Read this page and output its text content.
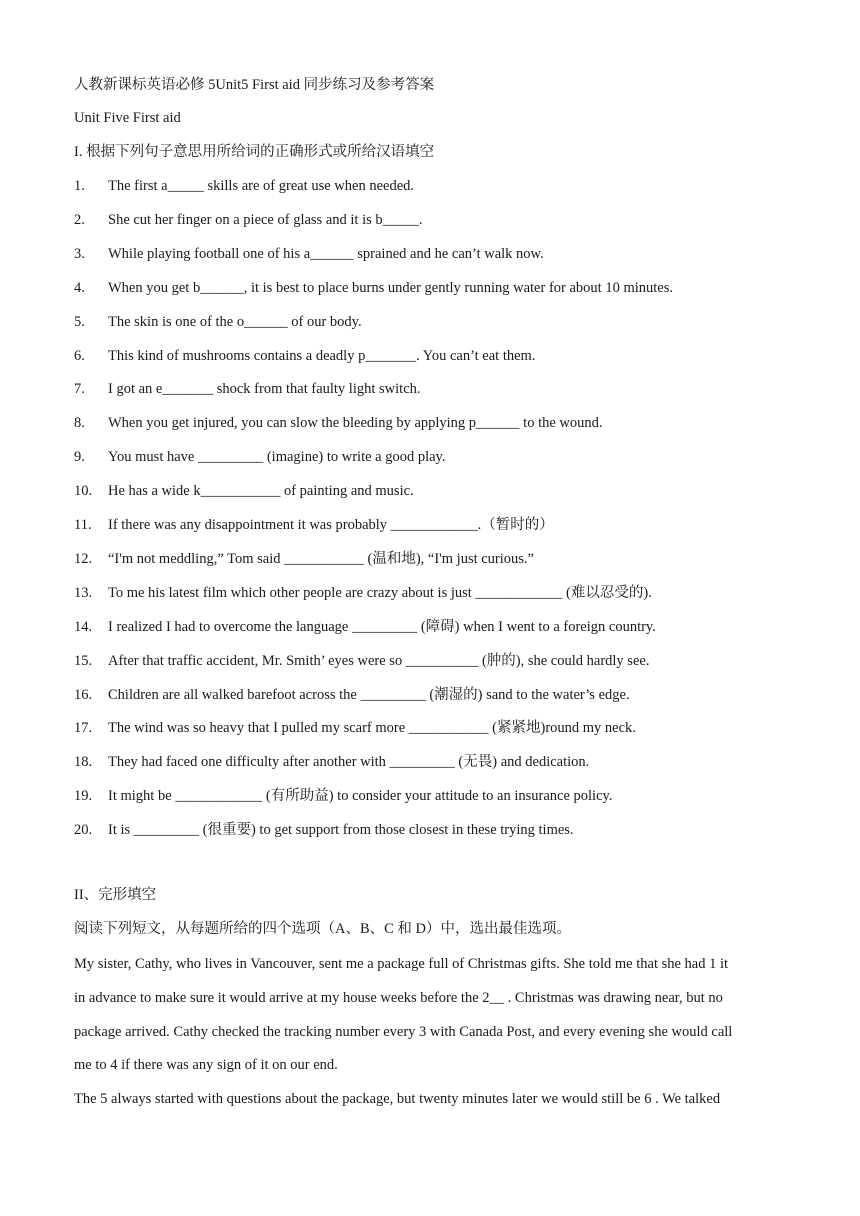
人教新课标英语必修 5Unit5 First aid 同步练习及参考答案
Unit Five First aid
I. 根据下列句子意思用所给词的正确形式或所给汉语填空
1. The first a_____ skills are of great use when needed.
2. She cut her finger on a piece of glass and it is b_____.
3. While playing football one of his a______ sprained and he can’t walk now.
4. When you get b______, it is best to place burns under gently running water for about 10 minutes.
5. The skin is one of the o______ of our body.
6. This kind of mushrooms contains a deadly p_______. You can’t eat them.
7. I got an e_______ shock from that faulty light switch.
8. When you get injured, you can slow the bleeding by applying p______ to the wound.
9. You must have _________ (imagine) to write a good play.
10. He has a wide k___________ of painting and music.
11. If there was any disappointment it was probably ____________.（暂时的）
12. “I'm not meddling,” Tom said ___________ (温和地), “I'm just curious.”
13. To me his latest film which other people are crazy about is just ____________ (难以忍受的).
14. I realized I had to overcome the language _________ (障碍) when I went to a foreign country.
15. After that traffic accident, Mr. Smith’ eyes were so __________ (肿的), she could hardly see.
16. Children are all walked barefoot across the _________ (潮湿的) sand to the water’s edge.
17. The wind was so heavy that I pulled my scarf more ___________ (紧紧地)round my neck.
18. They had faced one difficulty after another with _________ (无畏) and dedication.
19. It might be ____________ (有所助益) to consider your attitude to an insurance policy.
20. It is _________ (很重要) to get support from those closest in these trying times.
II、完形填空
阅读下列短文，从每题所给的四个选项（A、B、C 和 D）中，选出最佳选项。
My sister, Cathy, who lives in Vancouver, sent me a package full of Christmas gifts. She told me that she had 1 it
in advance to make sure it would arrive at my house weeks before the 2__ . Christmas was drawing near, but no
package arrived. Cathy checked the tracking number every 3 with Canada Post, and every evening she would call
me to 4 if there was any sign of it on our end.
The 5 always started with questions about the package, but twenty minutes later we would still be 6 . We talked
